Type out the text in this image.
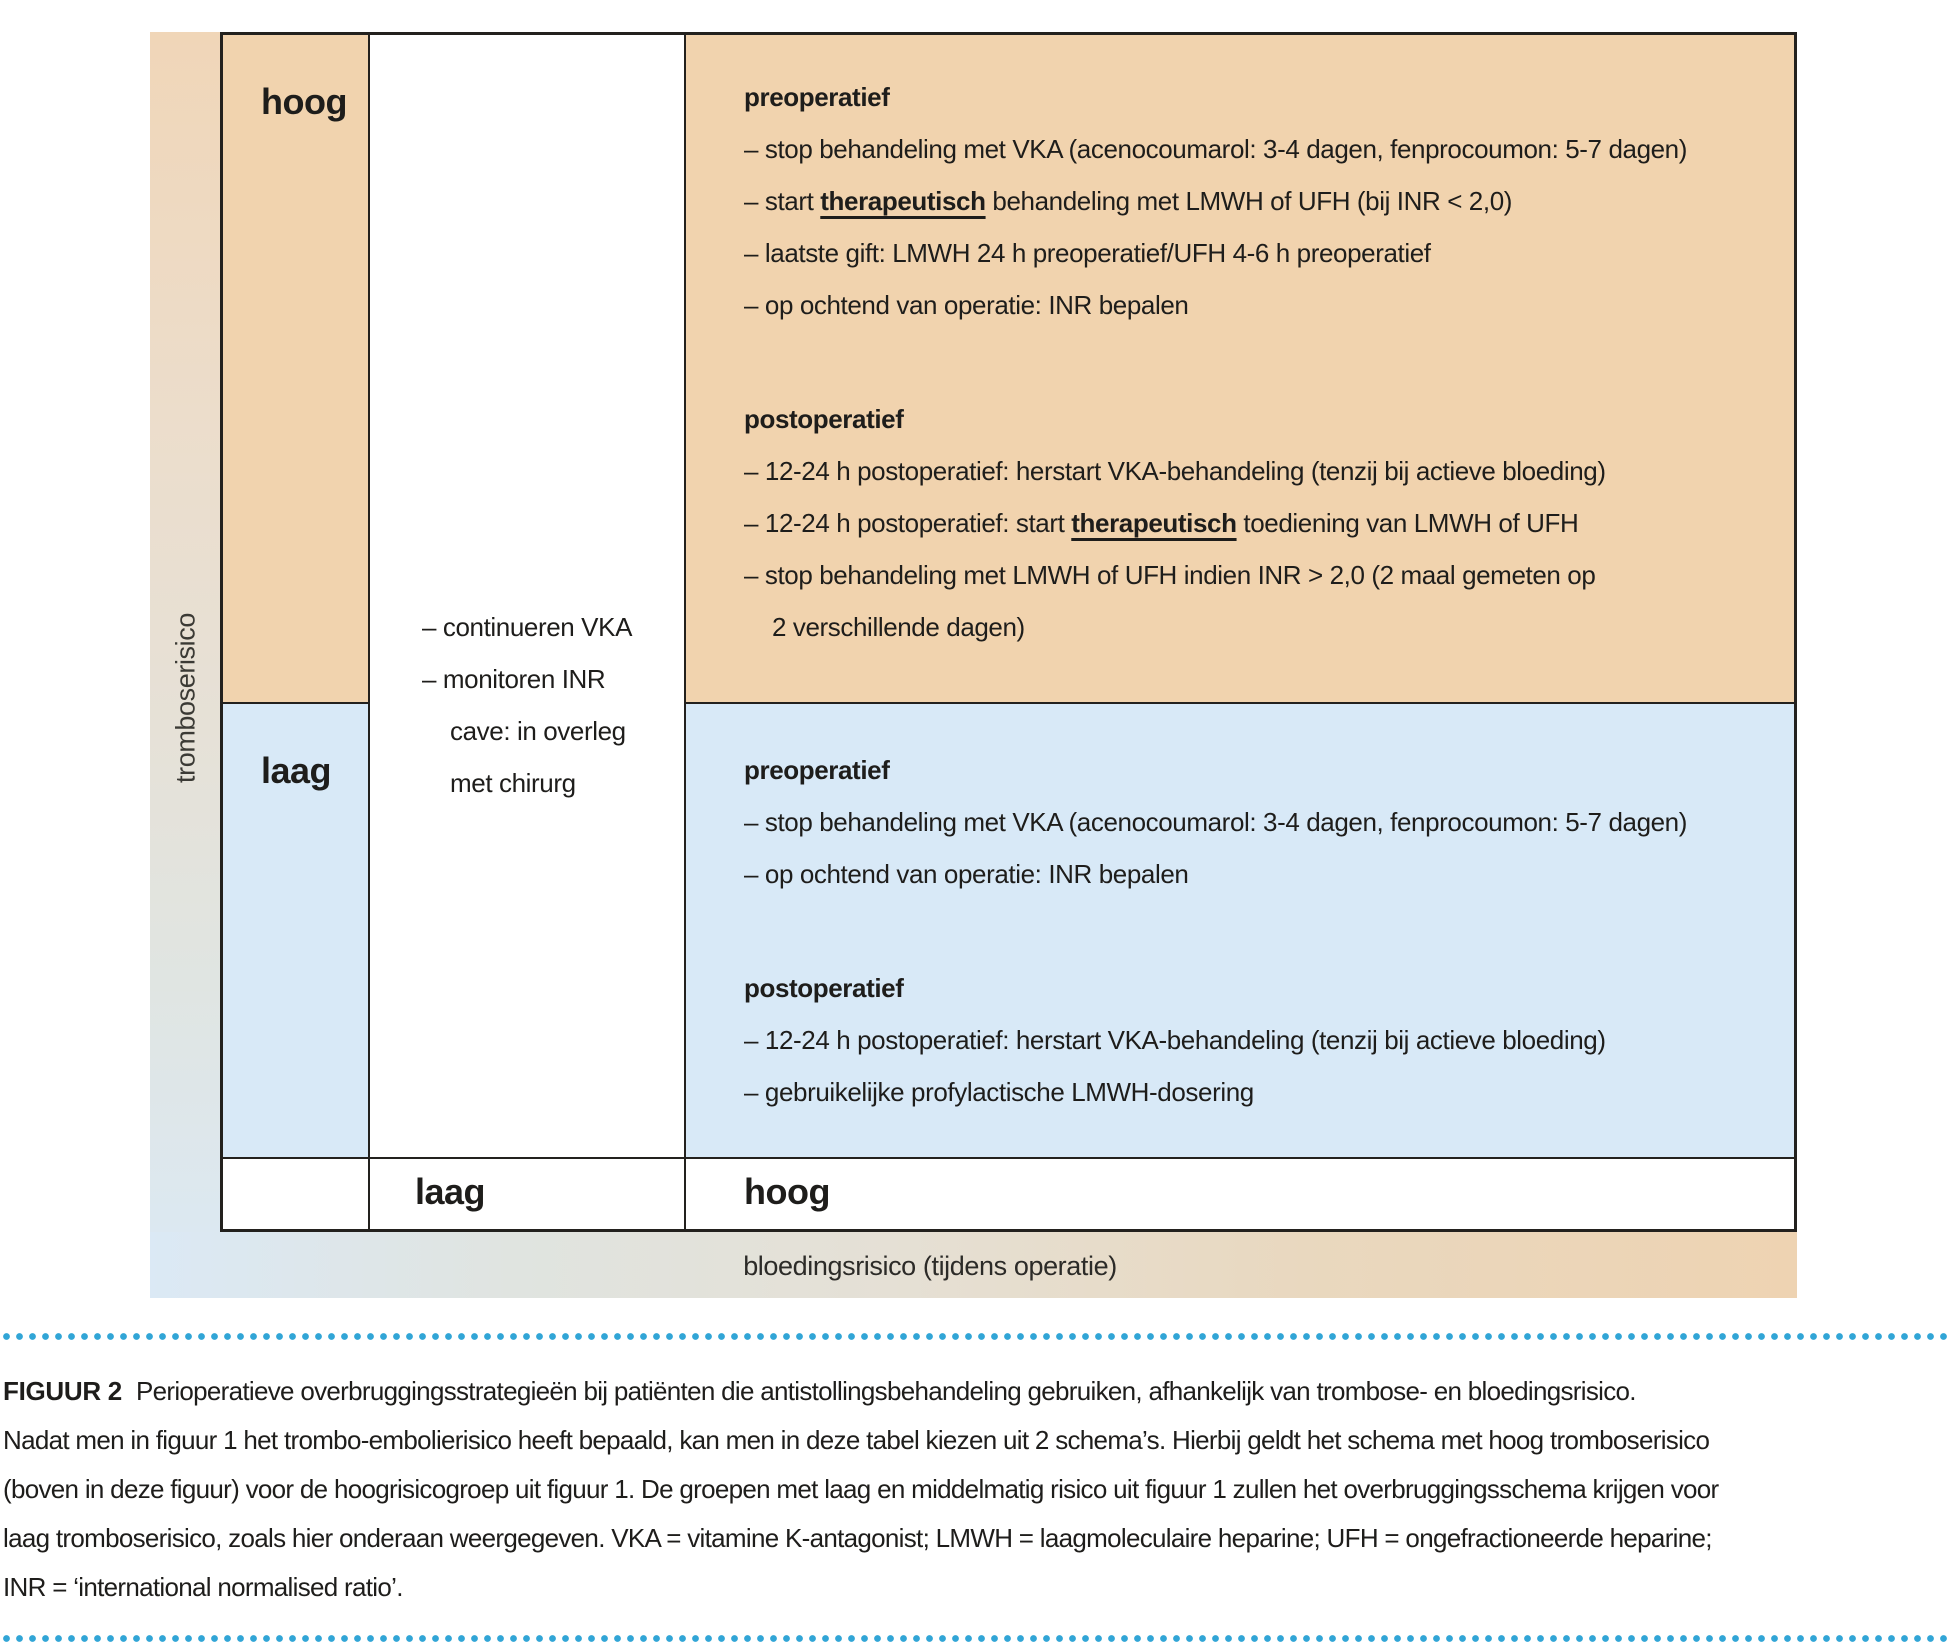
tromboserisico
hoog
laag
– continueren VKA
– monitoren INR
cave: in overleg
met chirurg
preoperatief
– stop behandeling met VKA (acenocoumarol: 3-4 dagen, fenprocoumon: 5-7 dagen)
– start therapeutisch behandeling met LMWH of UFH (bij INR < 2,0)
– laatste gift: LMWH 24 h preoperatief/UFH 4-6 h preoperatief
– op ochtend van operatie: INR bepalen
postoperatief
– 12-24 h postoperatief: herstart VKA-behandeling (tenzij bij actieve bloeding)
– 12-24 h postoperatief: start therapeutisch toediening van LMWH of UFH
– stop behandeling met LMWH of UFH indien INR > 2,0 (2 maal gemeten op
2 verschillende dagen)
preoperatief
– stop behandeling met VKA (acenocoumarol: 3-4 dagen, fenprocoumon: 5-7 dagen)
– op ochtend van operatie: INR bepalen
postoperatief
– 12-24 h postoperatief: herstart VKA-behandeling (tenzij bij actieve bloeding)
– gebruikelijke profylactische LMWH-dosering
laag	hoog
bloedingsrisico (tijdens operatie)
FIGUUR 2 Perioperatieve overbruggingsstrategieën bij patiënten die antistollingsbehandeling gebruiken, afhankelijk van trombose- en bloedingsrisico.
Nadat men in figuur 1 het trombo-embolierisico heeft bepaald, kan men in deze tabel kiezen uit 2 schema’s. Hierbij geldt het schema met hoog tromboserisico
(boven in deze figuur) voor de hoogrisicogroep uit figuur 1. De groepen met laag en middelmatig risico uit figuur 1 zullen het overbruggingsschema krijgen voor
laag tromboserisico, zoals hier onderaan weergegeven. VKA = vitamine K-antagonist; LMWH = laagmoleculaire heparine; UFH = ongefractioneerde heparine;
INR = ‘international normalised ratio’.
